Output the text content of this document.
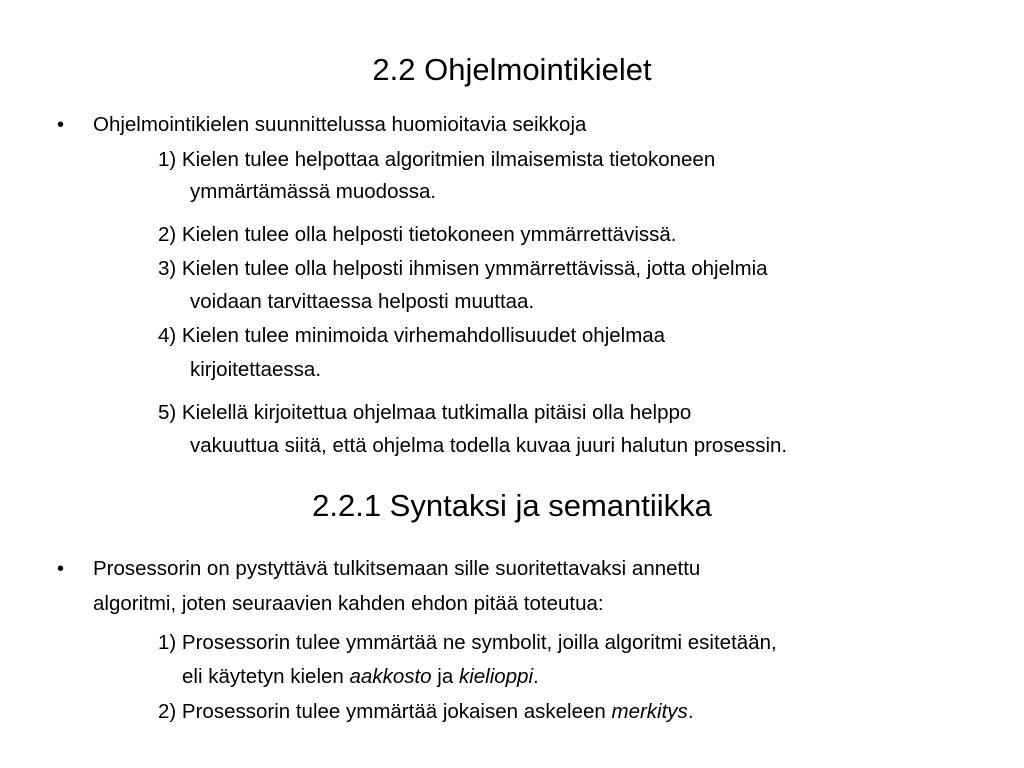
2.2 Ohjelmointikielet
• Ohjelmointikielen suunnittelussa huomioitavia seikkoja
1) Kielen tulee helpottaa algoritmien ilmaisemista tietokoneen
ymmärtämässä muodossa.
2) Kielen tulee olla helposti tietokoneen ymmärrettävissä.
3) Kielen tulee olla helposti ihmisen ymmärrettävissä, jotta ohjelmia
voidaan tarvittaessa helposti muuttaa.
4) Kielen tulee minimoida virhemahdollisuudet ohjelmaa
kirjoitettaessa.
5) Kielellä kirjoitettua ohjelmaa tutkimalla pitäisi olla helppo
vakuuttua siitä, että ohjelma todella kuvaa juuri halutun prosessin.
2.2.1 Syntaksi ja semantiikka
• Prosessorin on pystyttävä tulkitsemaan sille suoritettavaksi annettu
algoritmi, joten seuraavien kahden ehdon pitää toteutua:
1) Prosessorin tulee ymmärtää ne symbolit, joilla algoritmi esitetään,
eli käytetyn kielen aakkosto ja kielioppi.
2) Prosessorin tulee ymmärtää jokaisen askeleen merkitys.
